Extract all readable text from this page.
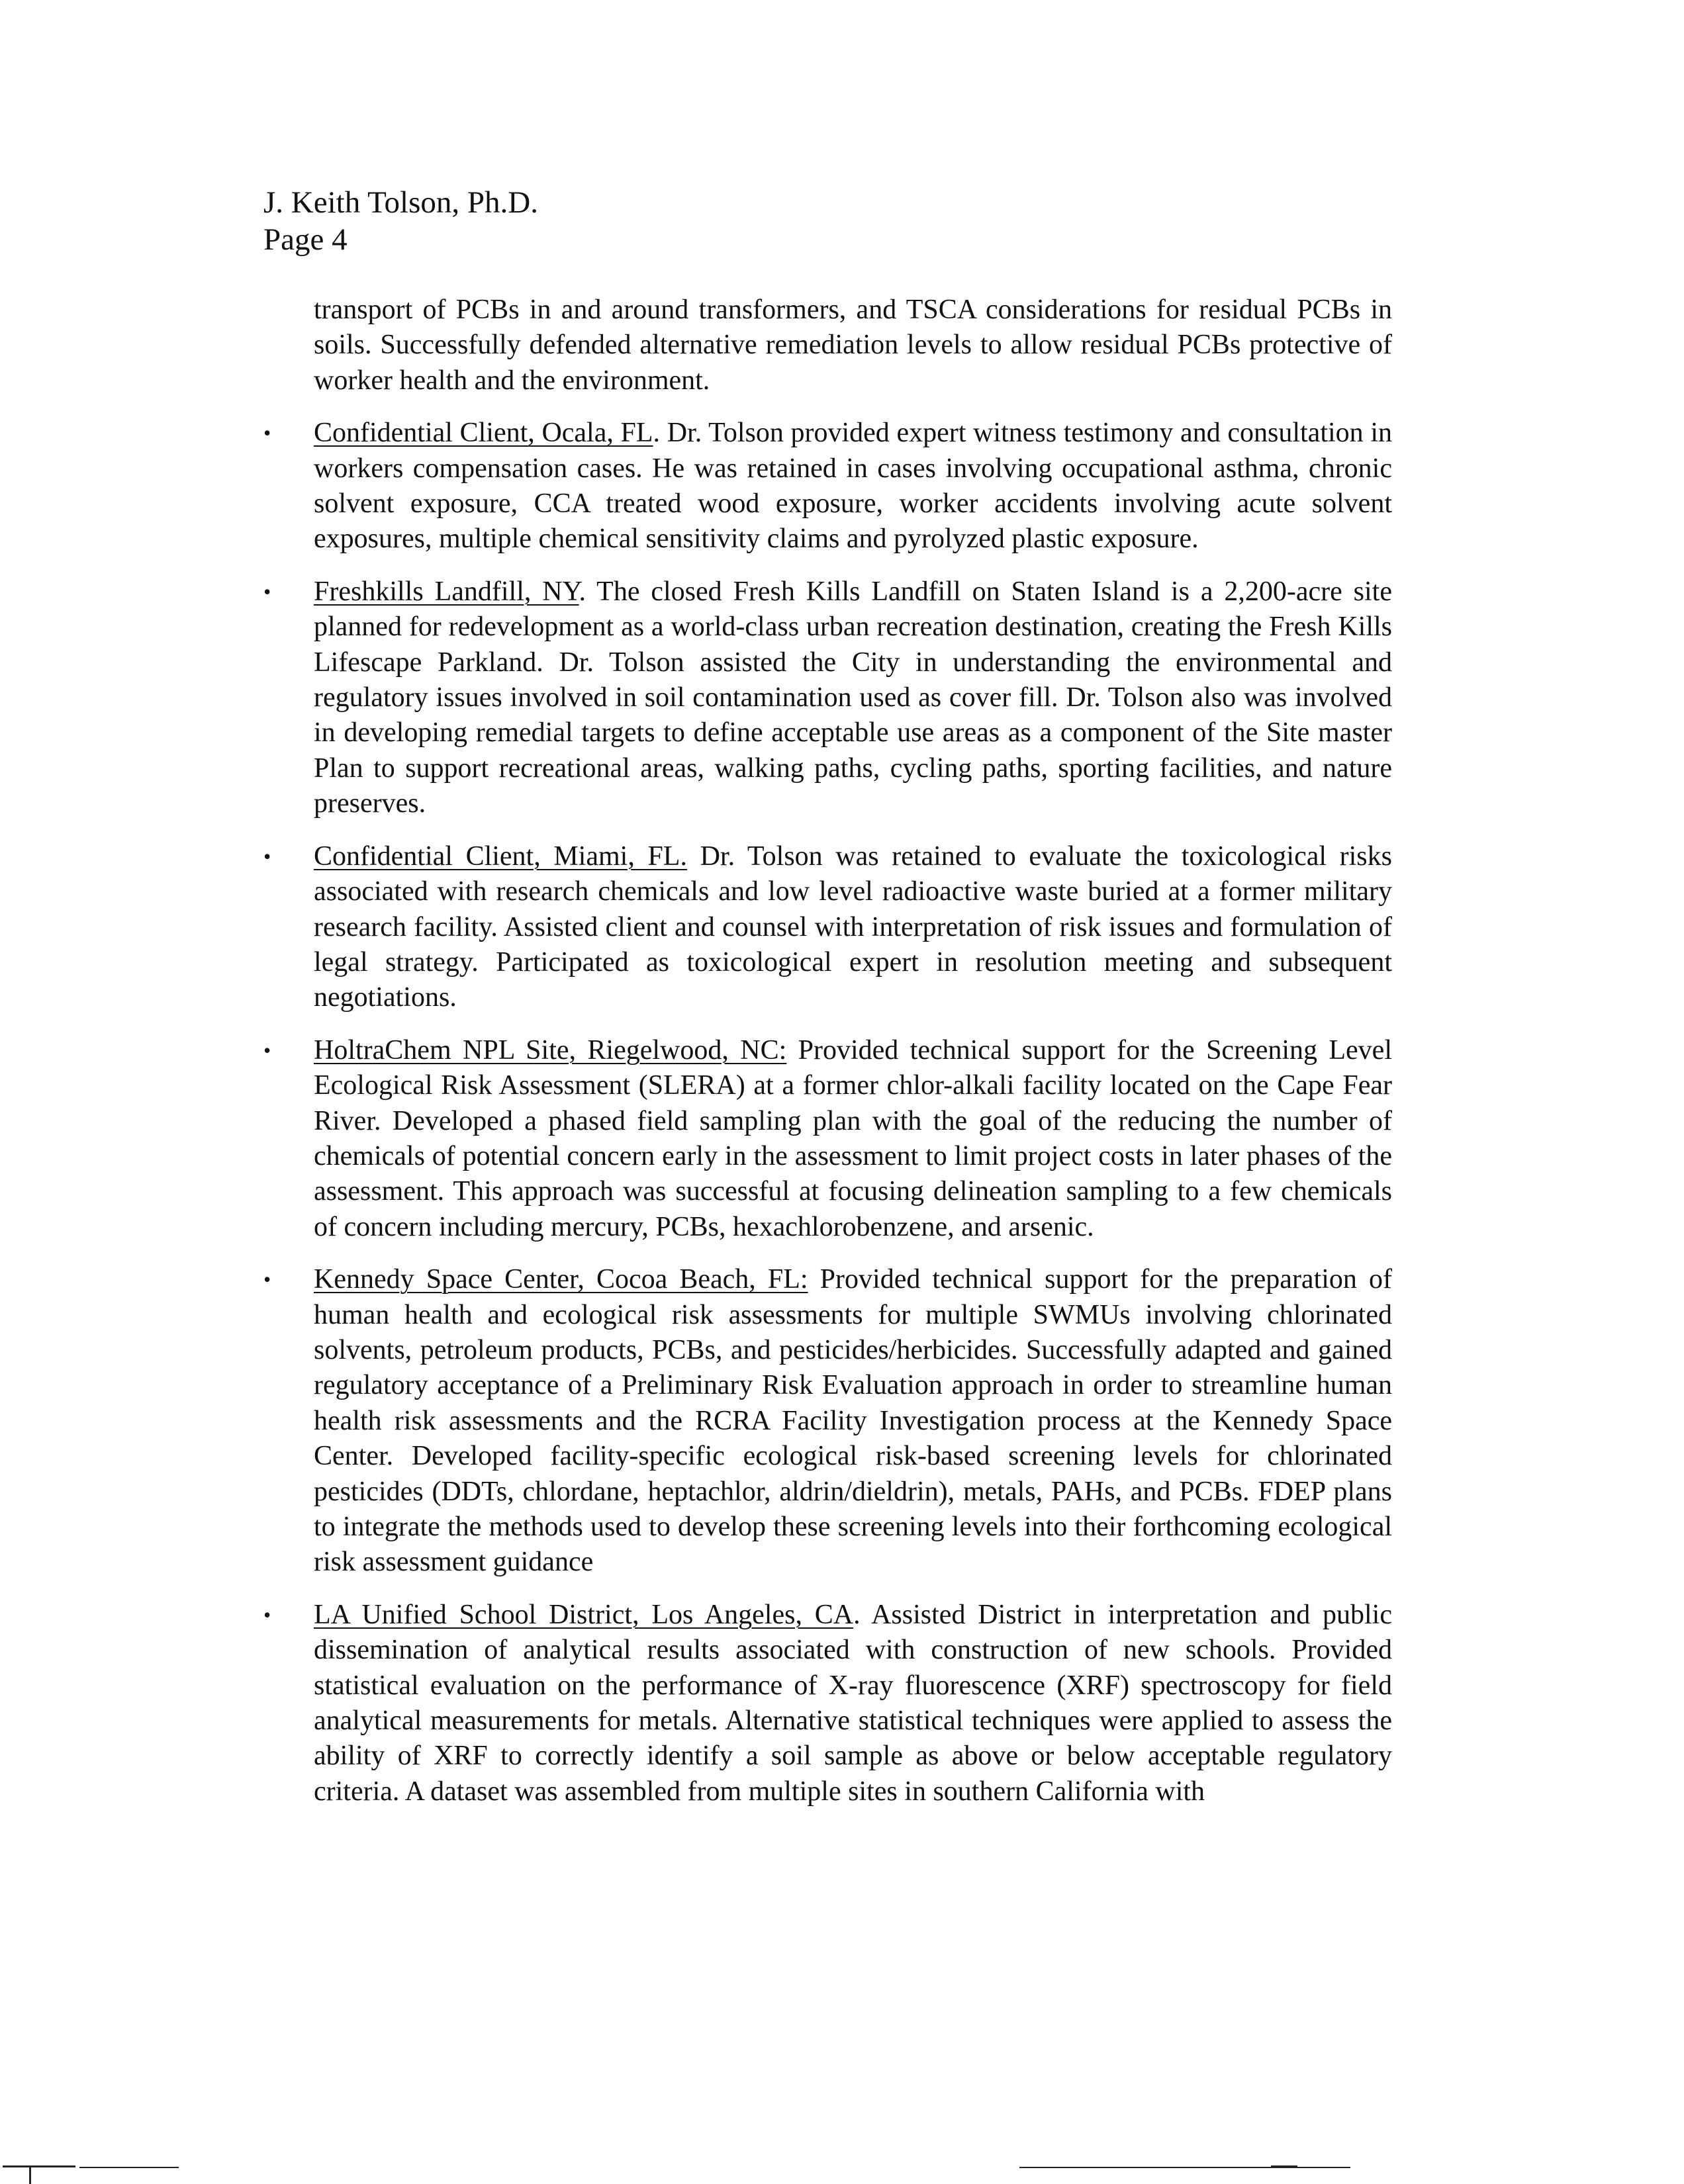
J. Keith Tolson, Ph.D.
Page 4

transport of PCBs in and around transformers, and TSCA considerations for residual PCBs in soils. Successfully defended alternative remediation levels to allow residual PCBs protective of worker health and the environment.

•	Confidential Client, Ocala, FL. Dr. Tolson provided expert witness testimony and consultation in workers compensation cases. He was retained in cases involving occupational asthma, chronic solvent exposure, CCA treated wood exposure, worker accidents involving acute solvent exposures, multiple chemical sensitivity claims and pyrolyzed plastic exposure.

•	Freshkills Landfill, NY. The closed Fresh Kills Landfill on Staten Island is a 2,200-acre site planned for redevelopment as a world-class urban recreation destination, creating the Fresh Kills Lifescape Parkland. Dr. Tolson assisted the City in understanding the environmental and regulatory issues involved in soil contamination used as cover fill. Dr. Tolson also was involved in developing remedial targets to define acceptable use areas as a component of the Site master Plan to support recreational areas, walking paths, cycling paths, sporting facilities, and nature preserves.

•	Confidential Client, Miami, FL. Dr. Tolson was retained to evaluate the toxicological risks associated with research chemicals and low level radioactive waste buried at a former military research facility. Assisted client and counsel with interpretation of risk issues and formulation of legal strategy. Participated as toxicological expert in resolution meeting and subsequent negotiations.

•	HoltraChem NPL Site, Riegelwood, NC: Provided technical support for the Screening Level Ecological Risk Assessment (SLERA) at a former chlor-alkali facility located on the Cape Fear River. Developed a phased field sampling plan with the goal of the reducing the number of chemicals of potential concern early in the assessment to limit project costs in later phases of the assessment. This approach was successful at focusing delineation sampling to a few chemicals of concern including mercury, PCBs, hexachlorobenzene, and arsenic.

•	Kennedy Space Center, Cocoa Beach, FL: Provided technical support for the preparation of human health and ecological risk assessments for multiple SWMUs involving chlorinated solvents, petroleum products, PCBs, and pesticides/herbicides. Successfully adapted and gained regulatory acceptance of a Preliminary Risk Evaluation approach in order to streamline human health risk assessments and the RCRA Facility Investigation process at the Kennedy Space Center. Developed facility-specific ecological risk-based screening levels for chlorinated pesticides (DDTs, chlordane, heptachlor, aldrin/dieldrin), metals, PAHs, and PCBs. FDEP plans to integrate the methods used to develop these screening levels into their forthcoming ecological risk assessment guidance

•	LA Unified School District, Los Angeles, CA. Assisted District in interpretation and public dissemination of analytical results associated with construction of new schools. Provided statistical evaluation on the performance of X-ray fluorescence (XRF) spectroscopy for field analytical measurements for metals. Alternative statistical techniques were applied to assess the ability of XRF to correctly identify a soil sample as above or below acceptable regulatory criteria. A dataset was assembled from multiple sites in southern California with
